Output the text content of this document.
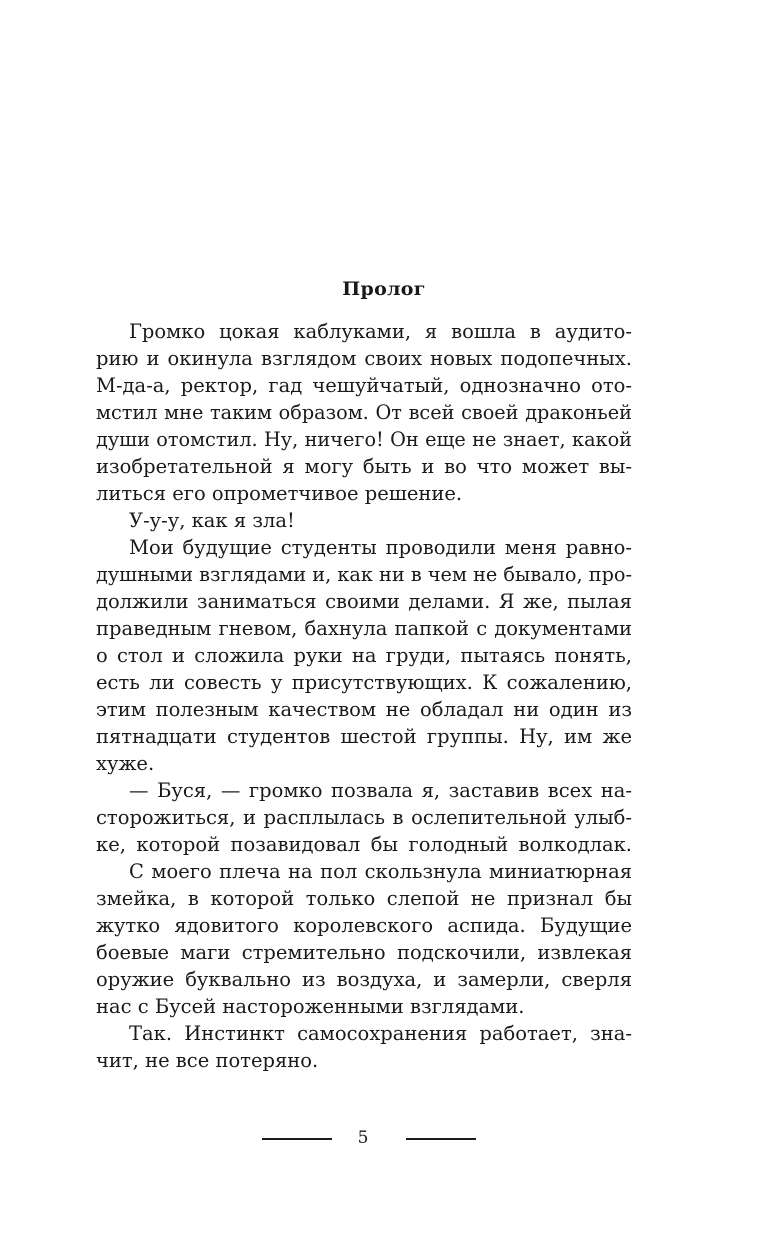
Пролог
Громко цокая каблуками, я вошла в аудито-
рию и окинула взглядом своих новых подопечных.
М-да-а, ректор, гад чешуйчатый, однозначно ото-
мстил мне таким образом. От всей своей драконьей
души отомстил. Ну, ничего! Он еще не знает, какой
изобретательной я могу быть и во что может вы-
литься его опрометчивое решение.
У-у-у, как я зла!
Мои будущие студенты проводили меня равно-
душными взглядами и, как ни в чем не бывало, про-
должили заниматься своими делами. Я же, пылая
праведным гневом, бахнула папкой с документами
о стол и сложила руки на груди, пытаясь понять,
есть ли совесть у присутствующих. К сожалению,
этим полезным качеством не обладал ни один из
пятнадцати студентов шестой группы. Ну, им же
хуже.
— Буся, — громко позвала я, заставив всех на-
сторожиться, и расплылась в ослепительной улыб-
ке, которой позавидовал бы голодный волкодлак.
С моего плеча на пол скользнула миниатюрная
змейка, в которой только слепой не признал бы
жутко ядовитого королевского аспида. Будущие
боевые маги стремительно подскочили, извлекая
оружие буквально из воздуха, и замерли, сверля
нас с Бусей настороженными взглядами.
Так. Инстинкт самосохранения работает, зна-
чит, не все потеряно.
5
